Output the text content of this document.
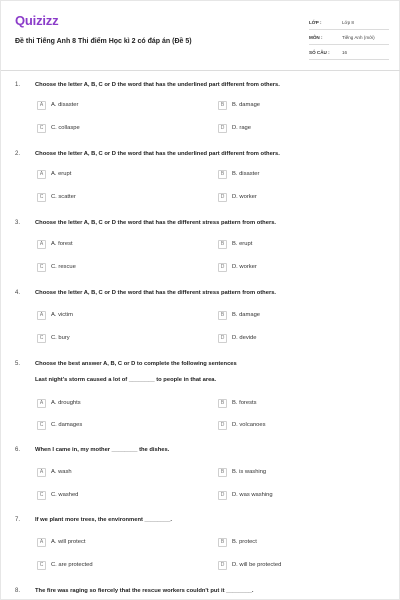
Quizizz
Đề thi Tiếng Anh 8 Thi điểm Học kì 2 có đáp án (Đề 5)
LỚP :	Lớp 8
MÔN :	Tiếng Anh (mới)
SỐ CÂU :	16
1.	Choose the letter A, B, C or D the word that has the underlined part different from others.
A	A. disaster	B	B. damage
C	C. collaspe	D	D. rage
2.	Choose the letter A, B, C or D the word that has the underlined part different from others.
A	A. erupt	B	B. disaster
C	C. scatter	D	D. worker
3.	Choose the letter A, B, C or D the word that has the different stress pattern from others.
A	A. forest	B	B. erupt
C	C. rescue	D	D. worker
4.	Choose the letter A, B, C or D the word that has the different stress pattern from others.
A	A. victim	B	B. damage
C	C. bury	D	D. devide
5.	Choose the best answer A, B, C or D to complete the following sentences
Last night's storm caused a lot of ________ to people in that area.
A	A. droughts	B	B. forests
C	C. damages	D	D. volcanoes
6.	When I came in, my mother ________ the dishes.
A	A. wash	B	B. is washing
C	C. washed	D	D. was washing
7.	If we plant more trees, the environment ________.
A	A. will protect	B	B. protect
C	C. are protected	D	D. will be protected
8.	The fire was raging so fiercely that the rescue workers couldn't put it ________.
